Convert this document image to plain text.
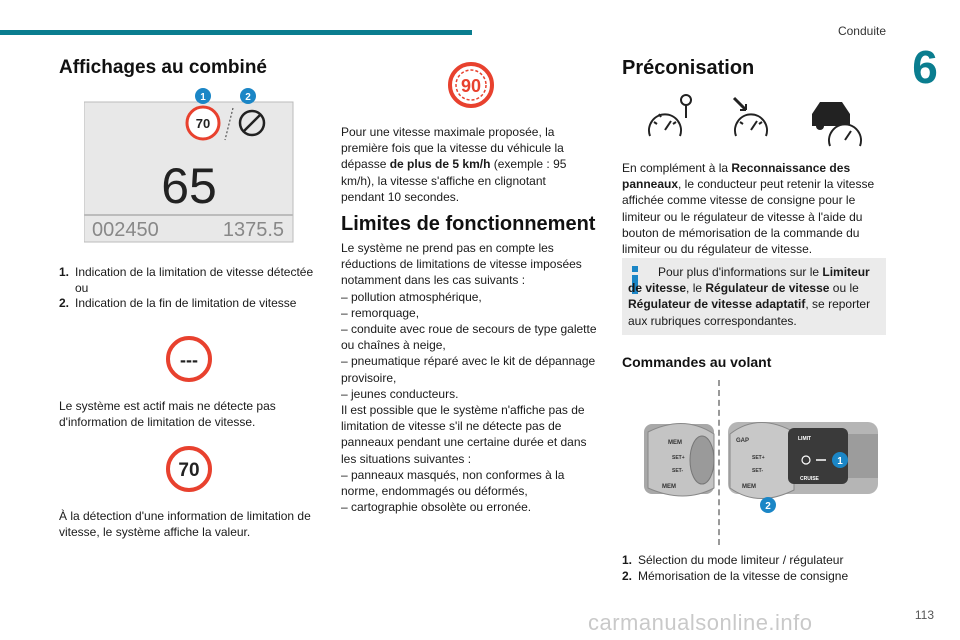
Conduite
6
Affichages au combiné
70
65
002450	1375.5
1	2
1. Indication de la limitation de vitesse détectée ou
2. Indication de la fin de limitation de vitesse
---
Le système est actif mais ne détecte pas d'information de limitation de vitesse.
70
À la détection d'une information de limitation de vitesse, le système affiche la valeur.
90
Pour une vitesse maximale proposée, la première fois que la vitesse du véhicule la dépasse de plus de 5 km/h (exemple : 95 km/h), la vitesse s'affiche en clignotant pendant 10 secondes.
Limites de fonctionnement
Le système ne prend pas en compte les réductions de limitations de vitesse imposées notamment dans les cas suivants :
– pollution atmosphérique,
– remorquage,
– conduite avec roue de secours de type galette ou chaînes à neige,
– pneumatique réparé avec le kit de dépannage provisoire,
– jeunes conducteurs.
Il est possible que le système n'affiche pas de limitation de vitesse s'il ne détecte pas de panneaux pendant une certaine durée et dans les situations suivantes :
– panneaux masqués, non conformes à la norme, endommagés ou déformés,
– cartographie obsolète ou erronée.
Préconisation
En complément à la Reconnaissance des panneaux, le conducteur peut retenir la vitesse affichée comme vitesse de consigne pour le limiteur ou le régulateur de vitesse à l'aide du bouton de mémorisation de la commande du limiteur ou du régulateur de vitesse.
Pour plus d'informations sur le Limiteur de vitesse, le Régulateur de vitesse ou le Régulateur de vitesse adaptatif, se reporter aux rubriques correspondantes.
Commandes au volant
MEM
SET+
SET-
MEM
GAP
SET+
SET-
MEM
LIMIT
CRUISE
1
2
1. Sélection du mode limiteur / régulateur
2. Mémorisation de la vitesse de consigne
carmanualsonline.info	113
